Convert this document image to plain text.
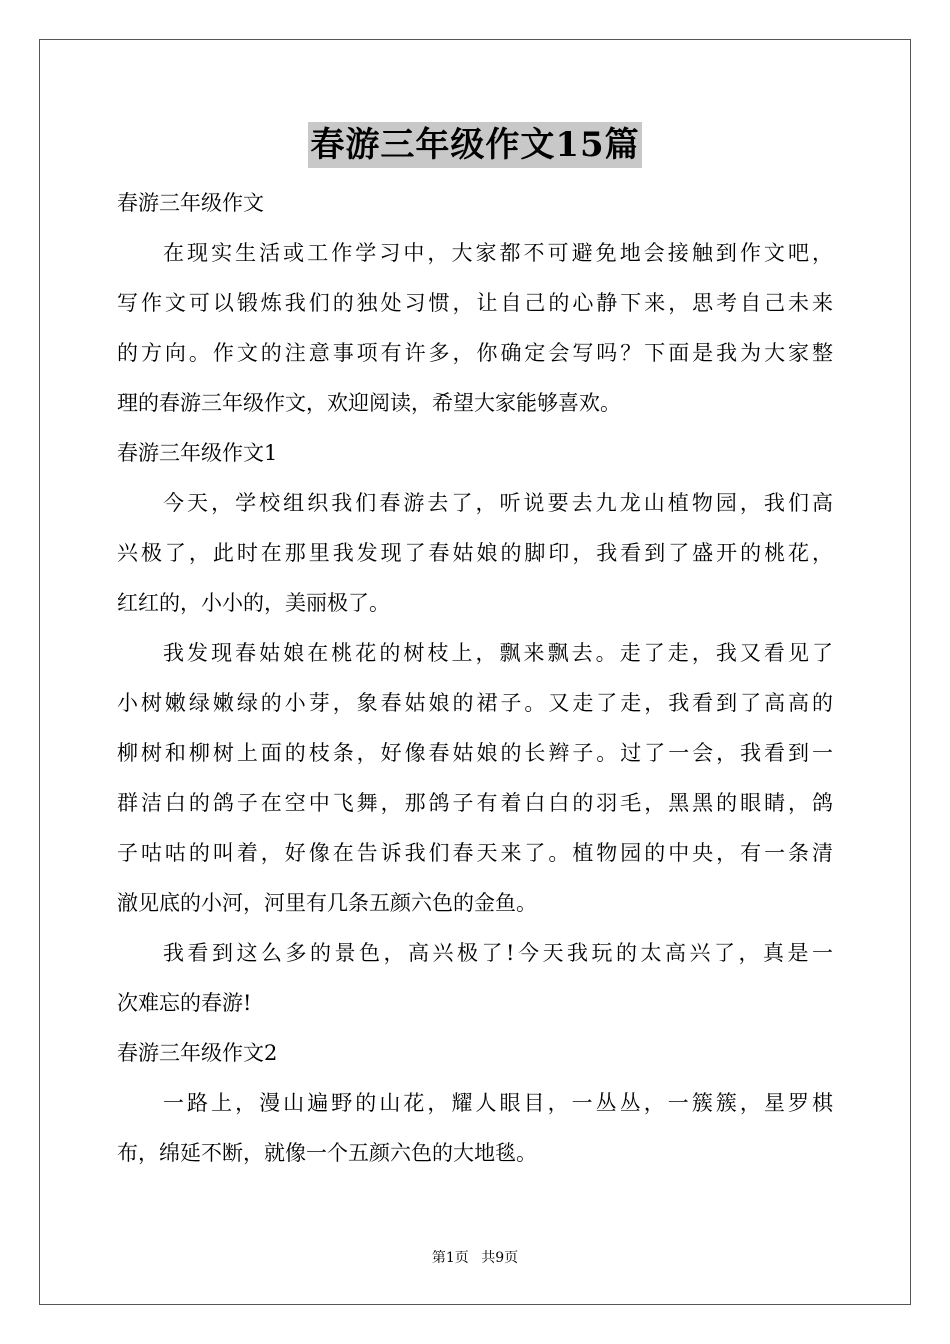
春游三年级作文15篇
春游三年级作文
在现实生活或工作学习中，大家都不可避免地会接触到作文吧，
写作文可以锻炼我们的独处习惯，让自己的心静下来，思考自己未来
的方向。作文的注意事项有许多，你确定会写吗？下面是我为大家整
理的春游三年级作文，欢迎阅读，希望大家能够喜欢。
春游三年级作文1
今天，学校组织我们春游去了，听说要去九龙山植物园，我们高
兴极了，此时在那里我发现了春姑娘的脚印，我看到了盛开的桃花，
红红的，小小的，美丽极了。
我发现春姑娘在桃花的树枝上，飘来飘去。走了走，我又看见了
小树嫩绿嫩绿的小芽，象春姑娘的裙子。又走了走，我看到了高高的
柳树和柳树上面的枝条，好像春姑娘的长辫子。过了一会，我看到一
群洁白的鸽子在空中飞舞，那鸽子有着白白的羽毛，黑黑的眼睛，鸽
子咕咕的叫着，好像在告诉我们春天来了。植物园的中央，有一条清
澈见底的小河，河里有几条五颜六色的金鱼。
我看到这么多的景色，高兴极了!今天我玩的太高兴了，真是一
次难忘的春游!
春游三年级作文2
一路上，漫山遍野的山花，耀人眼目，一丛丛，一簇簇，星罗棋
布，绵延不断，就像一个五颜六色的大地毯。
第1页 共9页
